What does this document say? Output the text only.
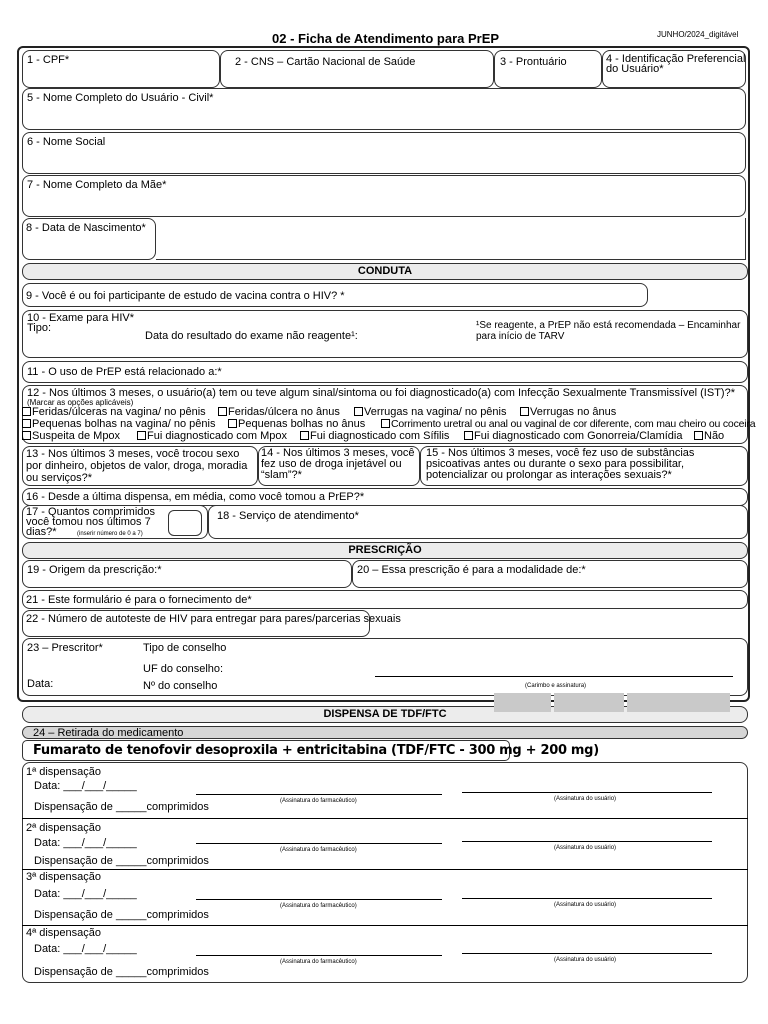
02 - Ficha de Atendimento para PrEP	JUNHO/2024_digitável
1 - CPF*	2 - CNS – Cartão Nacional de Saúde	3 - Prontuário	4 - Identificação Preferencial do Usuário*
5 - Nome Completo do Usuário - Civil*
6 - Nome Social
7 - Nome Completo da Mãe*
8 - Data de Nascimento*
CONDUTA
9 - Você é ou foi participante de estudo de vacina contra o HIV? *
10 - Exame para HIV*
Tipo:
Data do resultado do exame não reagente¹:
¹Se reagente, a PrEP não está recomendada – Encaminhar para início de TARV
11 - O uso de PrEP está relacionado a:*
12 - Nos últimos 3 meses, o usuário(a) tem ou teve algum sinal/sintoma ou foi diagnosticado(a) com Infecção Sexualmente Transmissível (IST)?*
(Marcar as opções aplicáveis)
Feridas/úlceras na vagina/ no pênis	Feridas/úlcera no ânus	Verrugas na vagina/ no pênis	Verrugas no ânus
Pequenas bolhas na vagina/ no pênis	Pequenas bolhas no ânus	Corrimento uretral ou anal ou vaginal de cor diferente, com mau cheiro ou coceira
Suspeita de Mpox	Fui diagnosticado com Mpox	Fui diagnosticado com Sífilis	Fui diagnosticado com Gonorreia/Clamídia	Não
13 - Nos últimos 3 meses, você trocou sexo por dinheiro, objetos de valor, droga, moradia ou serviços?*
14 - Nos últimos 3 meses, você fez uso de droga injetável ou “slam”?*
15 - Nos últimos 3 meses, você fez uso de substâncias psicoativas antes ou durante o sexo para possibilitar, potencializar ou prolongar as interações sexuais?*
16 - Desde a última dispensa, em média, como você tomou a PrEP?*
17 - Quantos comprimidos você tomou nos últimos 7 dias?*	(inserir número de 0 a 7)
18 - Serviço de atendimento*
PRESCRIÇÃO
19 - Origem da prescrição:*	20 – Essa prescrição é para a modalidade de:*
21 - Este formulário é para o fornecimento de*
22 - Número de autoteste de HIV para entregar para pares/parcerias sexuais
23 – Prescritor*	Tipo de conselho
UF do conselho:
Data:	Nº do conselho	(Carimbo e assinatura)
DISPENSA DE TDF/FTC
24 – Retirada do medicamento
Fumarato de tenofovir desoproxila + entricitabina (TDF/FTC - 300 mg + 200 mg)
1ª dispensação
Data: ___/___/_____
Dispensação de _____comprimidos	(Assinatura do farmacêutico)	(Assinatura do usuário)
2ª dispensação
Data: ___/___/_____
Dispensação de _____comprimidos
(Assinatura do farmacêutico)	(Assinatura do usuário)
3ª dispensação
Data: ___/___/_____
Dispensação de _____comprimidos
(Assinatura do farmacêutico)	(Assinatura do usuário)
4ª dispensação
Data: ___/___/_____
Dispensação de _____comprimidos
(Assinatura do farmacêutico)	(Assinatura do usuário)
